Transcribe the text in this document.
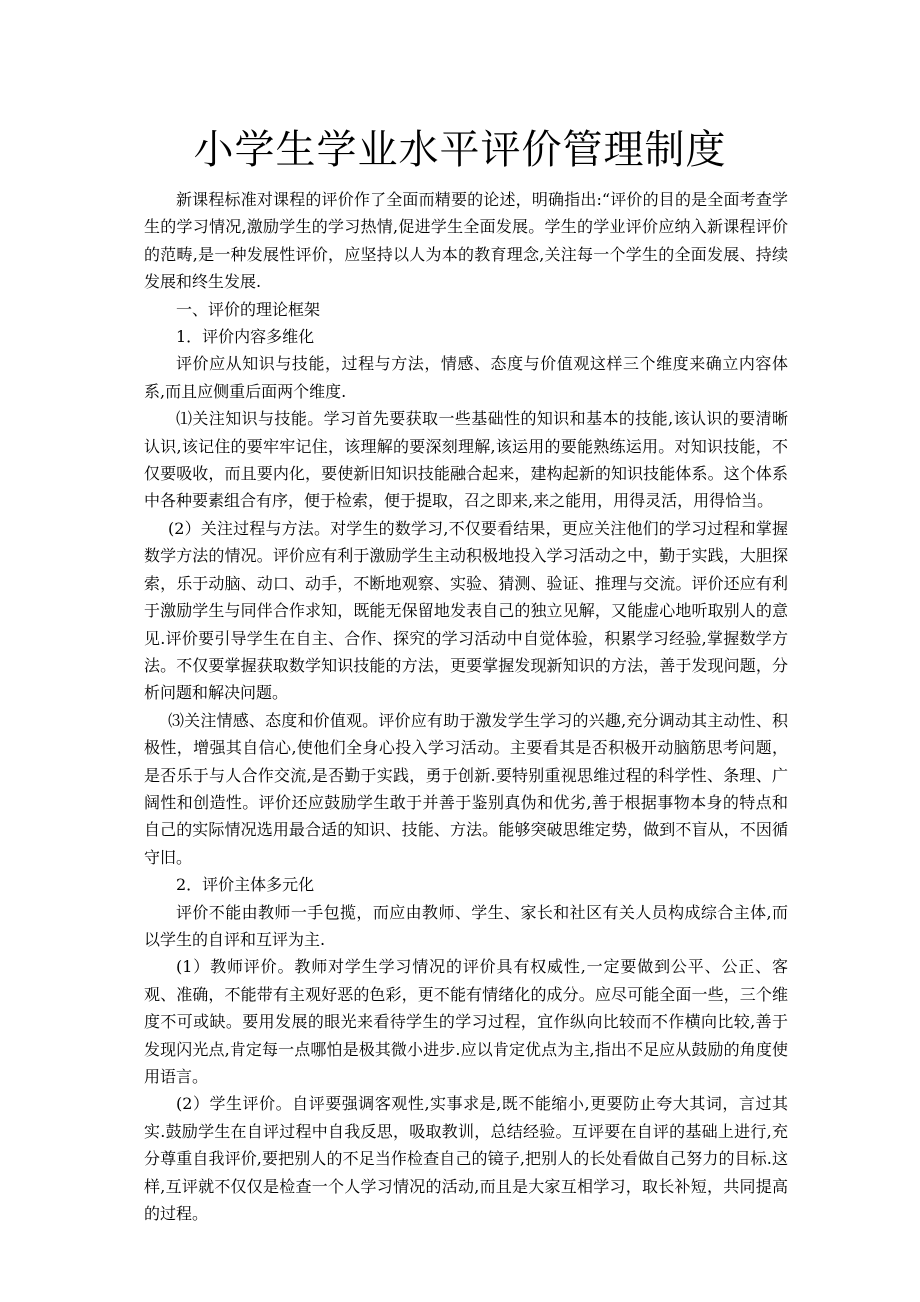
小学生学业水平评价管理制度

新课程标准对课程的评价作了全面而精要的论述，明确指出:“评价的目的是全面考查学生的学习情况,激励学生的学习热情,促进学生全面发展。学生的学业评价应纳入新课程评价的范畴,是一种发展性评价，应坚持以人为本的教育理念,关注每一个学生的全面发展、持续发展和终生发展.

一、评价的理论框架

1．评价内容多维化

评价应从知识与技能，过程与方法，情感、态度与价值观这样三个维度来确立内容体系,而且应侧重后面两个维度.

⑴关注知识与技能。学习首先要获取一些基础性的知识和基本的技能,该认识的要清晰认识,该记住的要牢牢记住，该理解的要深刻理解,该运用的要能熟练运用。对知识技能，不仅要吸收，而且要内化，要使新旧知识技能融合起来，建构起新的知识技能体系。这个体系中各种要素组合有序，便于检索，便于提取，召之即来,来之能用，用得灵活，用得恰当。

(2）关注过程与方法。对学生的数学习,不仅要看结果，更应关注他们的学习过程和掌握数学方法的情况。评价应有利于激励学生主动积极地投入学习活动之中，勤于实践，大胆探索，乐于动脑、动口、动手，不断地观察、实验、猜测、验证、推理与交流。评价还应有利于激励学生与同伴合作求知，既能无保留地发表自己的独立见解，又能虚心地听取别人的意见.评价要引导学生在自主、合作、探究的学习活动中自觉体验，积累学习经验,掌握数学方法。不仅要掌握获取数学知识技能的方法，更要掌握发现新知识的方法，善于发现问题，分析问题和解决问题。

⑶关注情感、态度和价值观。评价应有助于激发学生学习的兴趣,充分调动其主动性、积极性，增强其自信心,使他们全身心投入学习活动。主要看其是否积极开动脑筋思考问题，是否乐于与人合作交流,是否勤于实践，勇于创新.要特别重视思维过程的科学性、条理、广阔性和创造性。评价还应鼓励学生敢于并善于鉴别真伪和优劣,善于根据事物本身的特点和自己的实际情况选用最合适的知识、技能、方法。能够突破思维定势，做到不盲从，不因循守旧。

2．评价主体多元化

评价不能由教师一手包揽，而应由教师、学生、家长和社区有关人员构成综合主体,而以学生的自评和互评为主.

(1）教师评价。教师对学生学习情况的评价具有权威性,一定要做到公平、公正、客观、准确，不能带有主观好恶的色彩，更不能有情绪化的成分。应尽可能全面一些，三个维度不可或缺。要用发展的眼光来看待学生的学习过程，宜作纵向比较而不作横向比较,善于发现闪光点,肯定每一点哪怕是极其微小进步.应以肯定优点为主,指出不足应从鼓励的角度使用语言。

(2）学生评价。自评要强调客观性,实事求是,既不能缩小,更要防止夸大其词，言过其实.鼓励学生在自评过程中自我反思，吸取教训，总结经验。互评要在自评的基础上进行,充分尊重自我评价,要把别人的不足当作检查自己的镜子,把别人的长处看做自己努力的目标.这样,互评就不仅仅是检查一个人学习情况的活动,而且是大家互相学习，取长补短，共同提高的过程。
